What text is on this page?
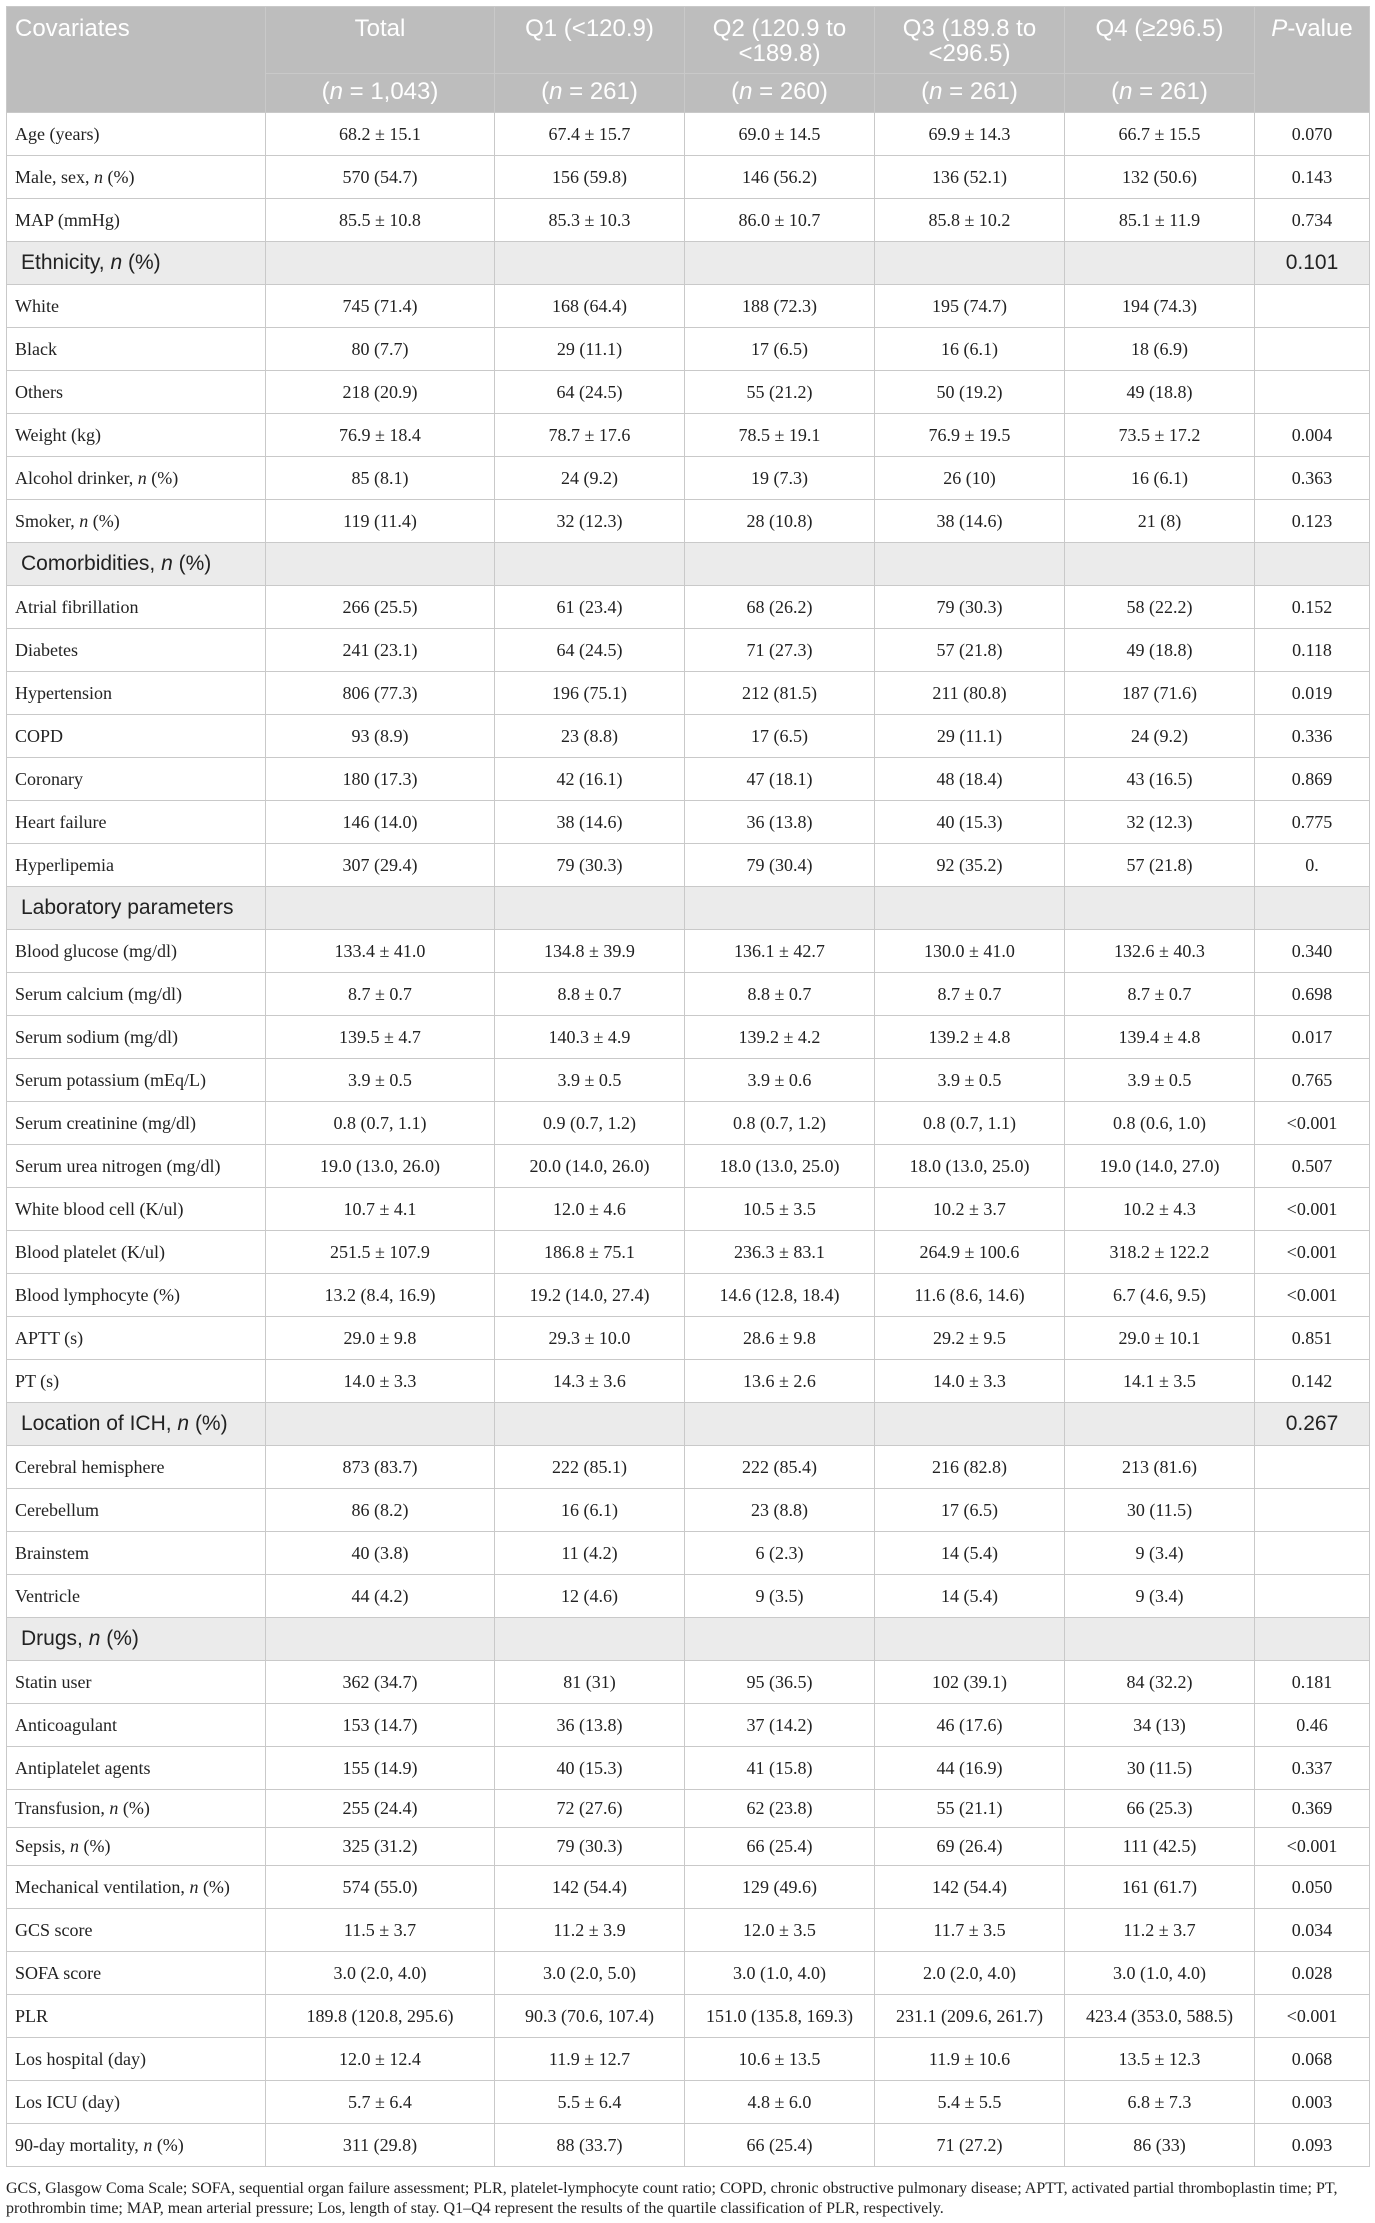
Covariates	Total	Q1 (<120.9)	Q2 (120.9 to <189.8)	Q3 (189.8 to <296.5)	Q4 (≥296.5)	P-value
	(n = 1,043)	(n = 261)	(n = 260)	(n = 261)	(n = 261)	
Age (years)	68.2 ± 15.1	67.4 ± 15.7	69.0 ± 14.5	69.9 ± 14.3	66.7 ± 15.5	0.070
Male, sex, n (%)	570 (54.7)	156 (59.8)	146 (56.2)	136 (52.1)	132 (50.6)	0.143
MAP (mmHg)	85.5 ± 10.8	85.3 ± 10.3	86.0 ± 10.7	85.8 ± 10.2	85.1 ± 11.9	0.734
Ethnicity, n (%)						0.101
White	745 (71.4)	168 (64.4)	188 (72.3)	195 (74.7)	194 (74.3)	
Black	80 (7.7)	29 (11.1)	17 (6.5)	16 (6.1)	18 (6.9)	
Others	218 (20.9)	64 (24.5)	55 (21.2)	50 (19.2)	49 (18.8)	
Weight (kg)	76.9 ± 18.4	78.7 ± 17.6	78.5 ± 19.1	76.9 ± 19.5	73.5 ± 17.2	0.004
Alcohol drinker, n (%)	85 (8.1)	24 (9.2)	19 (7.3)	26 (10)	16 (6.1)	0.363
Smoker, n (%)	119 (11.4)	32 (12.3)	28 (10.8)	38 (14.6)	21 (8)	0.123
Comorbidities, n (%)						
Atrial fibrillation	266 (25.5)	61 (23.4)	68 (26.2)	79 (30.3)	58 (22.2)	0.152
Diabetes	241 (23.1)	64 (24.5)	71 (27.3)	57 (21.8)	49 (18.8)	0.118
Hypertension	806 (77.3)	196 (75.1)	212 (81.5)	211 (80.8)	187 (71.6)	0.019
COPD	93 (8.9)	23 (8.8)	17 (6.5)	29 (11.1)	24 (9.2)	0.336
Coronary	180 (17.3)	42 (16.1)	47 (18.1)	48 (18.4)	43 (16.5)	0.869
Heart failure	146 (14.0)	38 (14.6)	36 (13.8)	40 (15.3)	32 (12.3)	0.775
Hyperlipemia	307 (29.4)	79 (30.3)	79 (30.4)	92 (35.2)	57 (21.8)	0.
Laboratory parameters						
Blood glucose (mg/dl)	133.4 ± 41.0	134.8 ± 39.9	136.1 ± 42.7	130.0 ± 41.0	132.6 ± 40.3	0.340
Serum calcium (mg/dl)	8.7 ± 0.7	8.8 ± 0.7	8.8 ± 0.7	8.7 ± 0.7	8.7 ± 0.7	0.698
Serum sodium (mg/dl)	139.5 ± 4.7	140.3 ± 4.9	139.2 ± 4.2	139.2 ± 4.8	139.4 ± 4.8	0.017
Serum potassium (mEq/L)	3.9 ± 0.5	3.9 ± 0.5	3.9 ± 0.6	3.9 ± 0.5	3.9 ± 0.5	0.765
Serum creatinine (mg/dl)	0.8 (0.7, 1.1)	0.9 (0.7, 1.2)	0.8 (0.7, 1.2)	0.8 (0.7, 1.1)	0.8 (0.6, 1.0)	<0.001
Serum urea nitrogen (mg/dl)	19.0 (13.0, 26.0)	20.0 (14.0, 26.0)	18.0 (13.0, 25.0)	18.0 (13.0, 25.0)	19.0 (14.0, 27.0)	0.507
White blood cell (K/ul)	10.7 ± 4.1	12.0 ± 4.6	10.5 ± 3.5	10.2 ± 3.7	10.2 ± 4.3	<0.001
Blood platelet (K/ul)	251.5 ± 107.9	186.8 ± 75.1	236.3 ± 83.1	264.9 ± 100.6	318.2 ± 122.2	<0.001
Blood lymphocyte (%)	13.2 (8.4, 16.9)	19.2 (14.0, 27.4)	14.6 (12.8, 18.4)	11.6 (8.6, 14.6)	6.7 (4.6, 9.5)	<0.001
APTT (s)	29.0 ± 9.8	29.3 ± 10.0	28.6 ± 9.8	29.2 ± 9.5	29.0 ± 10.1	0.851
PT (s)	14.0 ± 3.3	14.3 ± 3.6	13.6 ± 2.6	14.0 ± 3.3	14.1 ± 3.5	0.142
Location of ICH, n (%)						0.267
Cerebral hemisphere	873 (83.7)	222 (85.1)	222 (85.4)	216 (82.8)	213 (81.6)	
Cerebellum	86 (8.2)	16 (6.1)	23 (8.8)	17 (6.5)	30 (11.5)	
Brainstem	40 (3.8)	11 (4.2)	6 (2.3)	14 (5.4)	9 (3.4)	
Ventricle	44 (4.2)	12 (4.6)	9 (3.5)	14 (5.4)	9 (3.4)	
Drugs, n (%)						
Statin user	362 (34.7)	81 (31)	95 (36.5)	102 (39.1)	84 (32.2)	0.181
Anticoagulant	153 (14.7)	36 (13.8)	37 (14.2)	46 (17.6)	34 (13)	0.46
Antiplatelet agents	155 (14.9)	40 (15.3)	41 (15.8)	44 (16.9)	30 (11.5)	0.337
Transfusion, n (%)	255 (24.4)	72 (27.6)	62 (23.8)	55 (21.1)	66 (25.3)	0.369
Sepsis, n (%)	325 (31.2)	79 (30.3)	66 (25.4)	69 (26.4)	111 (42.5)	<0.001
Mechanical ventilation, n (%)	574 (55.0)	142 (54.4)	129 (49.6)	142 (54.4)	161 (61.7)	0.050
GCS score	11.5 ± 3.7	11.2 ± 3.9	12.0 ± 3.5	11.7 ± 3.5	11.2 ± 3.7	0.034
SOFA score	3.0 (2.0, 4.0)	3.0 (2.0, 5.0)	3.0 (1.0, 4.0)	2.0 (2.0, 4.0)	3.0 (1.0, 4.0)	0.028
PLR	189.8 (120.8, 295.6)	90.3 (70.6, 107.4)	151.0 (135.8, 169.3)	231.1 (209.6, 261.7)	423.4 (353.0, 588.5)	<0.001
Los hospital (day)	12.0 ± 12.4	11.9 ± 12.7	10.6 ± 13.5	11.9 ± 10.6	13.5 ± 12.3	0.068
Los ICU (day)	5.7 ± 6.4	5.5 ± 6.4	4.8 ± 6.0	5.4 ± 5.5	6.8 ± 7.3	0.003
90-day mortality, n (%)	311 (29.8)	88 (33.7)	66 (25.4)	71 (27.2)	86 (33)	0.093
GCS, Glasgow Coma Scale; SOFA, sequential organ failure assessment; PLR, platelet-lymphocyte count ratio; COPD, chronic obstructive pulmonary disease; APTT, activated partial thromboplastin time; PT, prothrombin time; MAP, mean arterial pressure; Los, length of stay. Q1–Q4 represent the results of the quartile classification of PLR, respectively.
